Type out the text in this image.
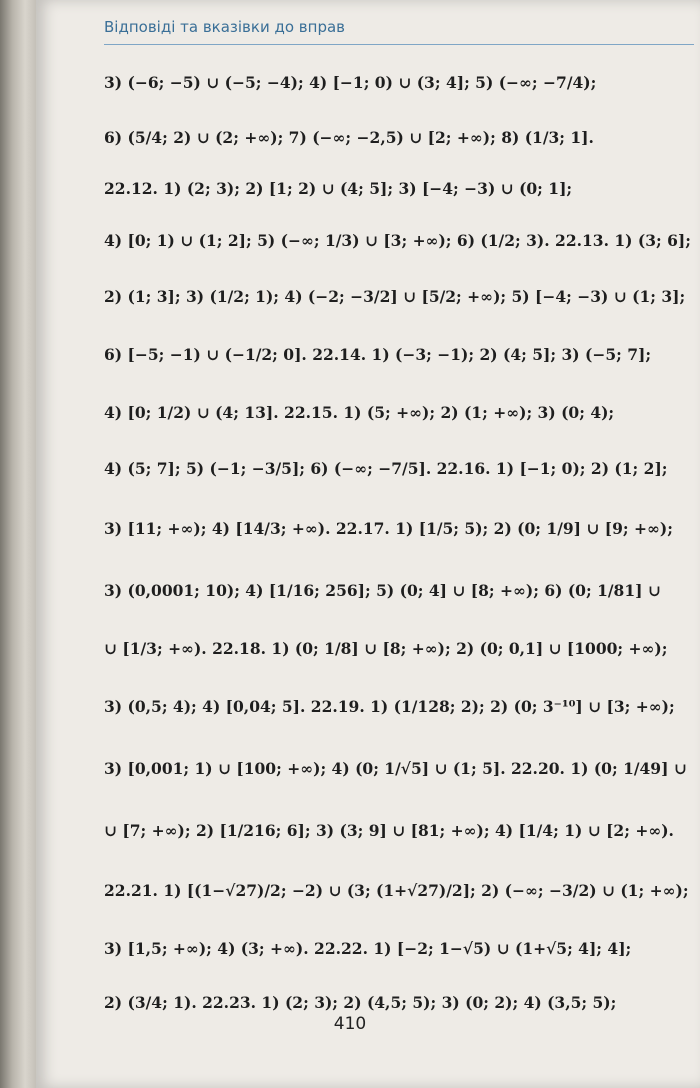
Відповіді та вказівки до вправ
3) (−6; −5) ∪ (−5; −4); 4) [−1; 0) ∪ (3; 4]; 5) (−∞; −7/4);
6) (5/4; 2) ∪ (2; +∞); 7) (−∞; −2,5) ∪ [2; +∞); 8) (1/3; 1].
22.12. 1) (2; 3); 2) [1; 2) ∪ (4; 5]; 3) [−4; −3) ∪ (0; 1];
4) [0; 1) ∪ (1; 2]; 5) (−∞; 1/3) ∪ [3; +∞); 6) (1/2; 3). 22.13. 1) (3; 6];
2) (1; 3]; 3) (1/2; 1); 4) (−2; −3/2] ∪ [5/2; +∞); 5) [−4; −3) ∪ (1; 3];
6) [−5; −1) ∪ (−1/2; 0]. 22.14. 1) (−3; −1); 2) (4; 5]; 3) (−5; 7];
4) [0; 1/2) ∪ (4; 13]. 22.15. 1) (5; +∞); 2) (1; +∞); 3) (0; 4);
4) (5; 7]; 5) (−1; −3/5]; 6) (−∞; −7/5]. 22.16. 1) [−1; 0); 2) (1; 2];
3) [11; +∞); 4) [14/3; +∞). 22.17. 1) [1/5; 5); 2) (0; 1/9] ∪ [9; +∞);
3) (0,0001; 10); 4) [1/16; 256]; 5) (0; 4] ∪ [8; +∞); 6) (0; 1/81] ∪
∪ [1/3; +∞). 22.18. 1) (0; 1/8] ∪ [8; +∞); 2) (0; 0,1] ∪ [1000; +∞);
3) (0,5; 4); 4) [0,04; 5]. 22.19. 1) (1/128; 2); 2) (0; 3⁻¹⁰] ∪ [3; +∞);
3) [0,001; 1) ∪ [100; +∞); 4) (0; 1/√5] ∪ (1; 5]. 22.20. 1) (0; 1/49] ∪
∪ [7; +∞); 2) [1/216; 6]; 3) (3; 9] ∪ [81; +∞); 4) [1/4; 1) ∪ [2; +∞).
22.21. 1) [(1−√27)/2; −2) ∪ (3; (1+√27)/2]; 2) (−∞; −3/2) ∪ (1; +∞);
3) [1,5; +∞); 4) (3; +∞). 22.22. 1) [−2; 1−√5) ∪ (1+√5; 4]; 4];
2) (3/4; 1). 22.23. 1) (2; 3); 2) (4,5; 5); 3) (0; 2); 4) (3,5; 5);
410
